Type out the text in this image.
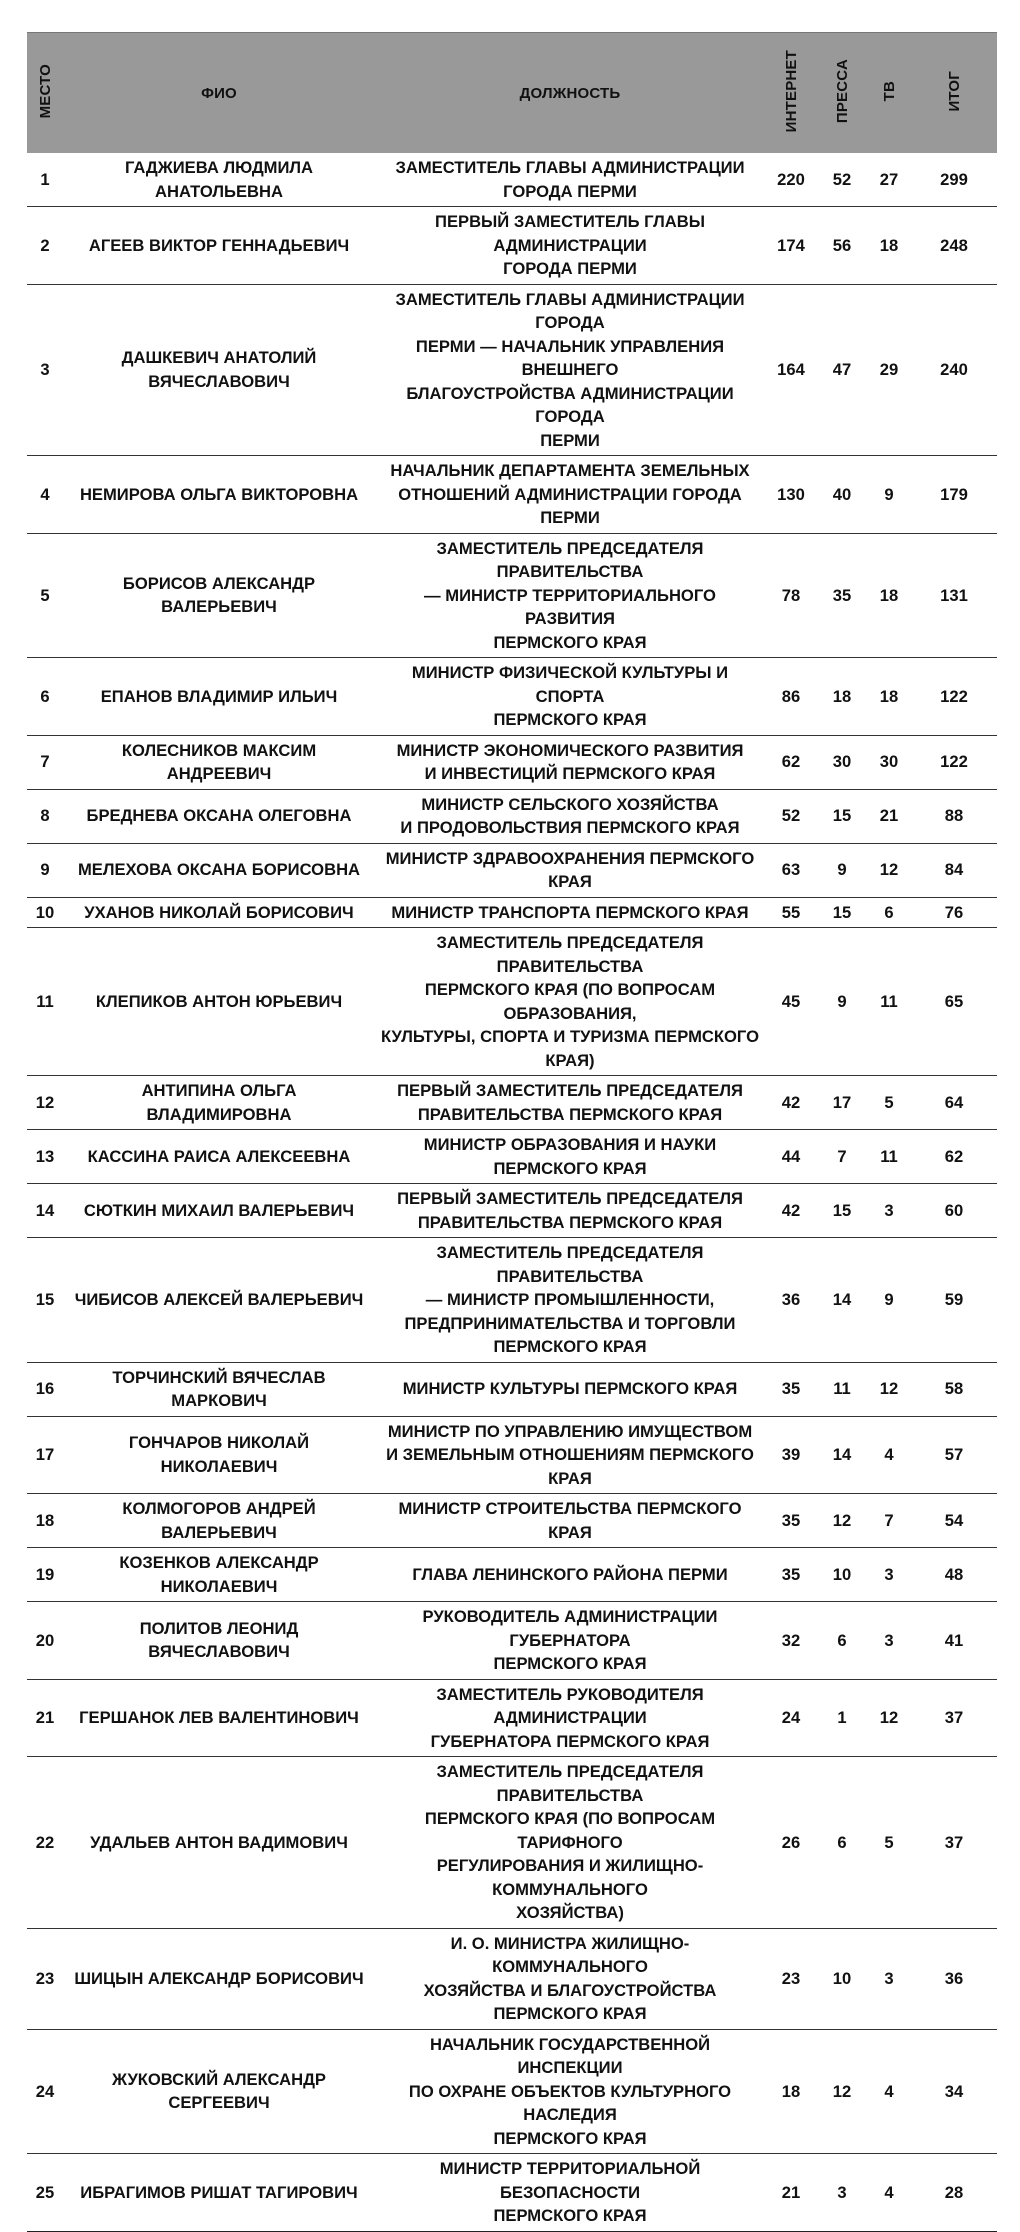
МЕСТО	ФИО	ДОЛЖНОСТЬ	ИНТЕРНЕТ	ПРЕССА	ТВ	ИТОГ
1	ГАДЖИЕВА ЛЮДМИЛА
АНАТОЛЬЕВНА	ЗАМЕСТИТЕЛЬ ГЛАВЫ АДМИНИСТРАЦИИ
ГОРОДА ПЕРМИ	220	52	27	299
2	АГЕЕВ ВИКТОР ГЕННАДЬЕВИЧ	ПЕРВЫЙ ЗАМЕСТИТЕЛЬ ГЛАВЫ АДМИНИСТРАЦИИ
ГОРОДА ПЕРМИ	174	56	18	248
3	ДАШКЕВИЧ АНАТОЛИЙ
ВЯЧЕСЛАВОВИЧ	ЗАМЕСТИТЕЛЬ ГЛАВЫ АДМИНИСТРАЦИИ ГОРОДА
ПЕРМИ — НАЧАЛЬНИК УПРАВЛЕНИЯ ВНЕШНЕГО
БЛАГОУСТРОЙСТВА АДМИНИСТРАЦИИ ГОРОДА
ПЕРМИ	164	47	29	240
4	НЕМИРОВА ОЛЬГА ВИКТОРОВНА	НАЧАЛЬНИК ДЕПАРТАМЕНТА ЗЕМЕЛЬНЫХ
ОТНОШЕНИЙ АДМИНИСТРАЦИИ ГОРОДА ПЕРМИ	130	40	9	179
5	БОРИСОВ АЛЕКСАНДР
ВАЛЕРЬЕВИЧ	ЗАМЕСТИТЕЛЬ ПРЕДСЕДАТЕЛЯ ПРАВИТЕЛЬСТВА
— МИНИСТР ТЕРРИТОРИАЛЬНОГО РАЗВИТИЯ
ПЕРМСКОГО КРАЯ	78	35	18	131
6	ЕПАНОВ ВЛАДИМИР ИЛЬИЧ	МИНИСТР ФИЗИЧЕСКОЙ КУЛЬТУРЫ И СПОРТА
ПЕРМСКОГО КРАЯ	86	18	18	122
7	КОЛЕСНИКОВ МАКСИМ
АНДРЕЕВИЧ	МИНИСТР ЭКОНОМИЧЕСКОГО РАЗВИТИЯ
И ИНВЕСТИЦИЙ ПЕРМСКОГО КРАЯ	62	30	30	122
8	БРЕДНЕВА ОКСАНА ОЛЕГОВНА	МИНИСТР СЕЛЬСКОГО ХОЗЯЙСТВА
И ПРОДОВОЛЬСТВИЯ ПЕРМСКОГО КРАЯ	52	15	21	88
9	МЕЛЕХОВА ОКСАНА БОРИСОВНА	МИНИСТР ЗДРАВООХРАНЕНИЯ ПЕРМСКОГО КРАЯ	63	9	12	84
10	УХАНОВ НИКОЛАЙ БОРИСОВИЧ	МИНИСТР ТРАНСПОРТА ПЕРМСКОГО КРАЯ	55	15	6	76
11	КЛЕПИКОВ АНТОН ЮРЬЕВИЧ	ЗАМЕСТИТЕЛЬ ПРЕДСЕДАТЕЛЯ ПРАВИТЕЛЬСТВА
ПЕРМСКОГО КРАЯ (ПО ВОПРОСАМ ОБРАЗОВАНИЯ,
КУЛЬТУРЫ, СПОРТА И ТУРИЗМА ПЕРМСКОГО КРАЯ)	45	9	11	65
12	АНТИПИНА ОЛЬГА
ВЛАДИМИРОВНА	ПЕРВЫЙ ЗАМЕСТИТЕЛЬ ПРЕДСЕДАТЕЛЯ
ПРАВИТЕЛЬСТВА ПЕРМСКОГО КРАЯ	42	17	5	64
13	КАССИНА РАИСА АЛЕКСЕЕВНА	МИНИСТР ОБРАЗОВАНИЯ И НАУКИ ПЕРМСКОГО КРАЯ	44	7	11	62
14	СЮТКИН МИХАИЛ ВАЛЕРЬЕВИЧ	ПЕРВЫЙ ЗАМЕСТИТЕЛЬ ПРЕДСЕДАТЕЛЯ
ПРАВИТЕЛЬСТВА ПЕРМСКОГО КРАЯ	42	15	3	60
15	ЧИБИСОВ АЛЕКСЕЙ ВАЛЕРЬЕВИЧ	ЗАМЕСТИТЕЛЬ ПРЕДСЕДАТЕЛЯ ПРАВИТЕЛЬСТВА
— МИНИСТР ПРОМЫШЛЕННОСТИ,
ПРЕДПРИНИМАТЕЛЬСТВА И ТОРГОВЛИ
ПЕРМСКОГО КРАЯ	36	14	9	59
16	ТОРЧИНСКИЙ ВЯЧЕСЛАВ
МАРКОВИЧ	МИНИСТР КУЛЬТУРЫ ПЕРМСКОГО КРАЯ	35	11	12	58
17	ГОНЧАРОВ НИКОЛАЙ
НИКОЛАЕВИЧ	МИНИСТР ПО УПРАВЛЕНИЮ ИМУЩЕСТВОМ
И ЗЕМЕЛЬНЫМ ОТНОШЕНИЯМ ПЕРМСКОГО КРАЯ	39	14	4	57
18	КОЛМОГОРОВ АНДРЕЙ
ВАЛЕРЬЕВИЧ	МИНИСТР СТРОИТЕЛЬСТВА ПЕРМСКОГО КРАЯ	35	12	7	54
19	КОЗЕНКОВ АЛЕКСАНДР
НИКОЛАЕВИЧ	ГЛАВА ЛЕНИНСКОГО РАЙОНА ПЕРМИ	35	10	3	48
20	ПОЛИТОВ ЛЕОНИД
ВЯЧЕСЛАВОВИЧ	РУКОВОДИТЕЛЬ АДМИНИСТРАЦИИ ГУБЕРНАТОРА
ПЕРМСКОГО КРАЯ	32	6	3	41
21	ГЕРШАНОК ЛЕВ ВАЛЕНТИНОВИЧ	ЗАМЕСТИТЕЛЬ РУКОВОДИТЕЛЯ АДМИНИСТРАЦИИ
ГУБЕРНАТОРА ПЕРМСКОГО КРАЯ	24	1	12	37
22	УДАЛЬЕВ АНТОН ВАДИМОВИЧ	ЗАМЕСТИТЕЛЬ ПРЕДСЕДАТЕЛЯ ПРАВИТЕЛЬСТВА
ПЕРМСКОГО КРАЯ (ПО ВОПРОСАМ ТАРИФНОГО
РЕГУЛИРОВАНИЯ И ЖИЛИЩНО-КОММУНАЛЬНОГО
ХОЗЯЙСТВА)	26	6	5	37
23	ШИЦЫН АЛЕКСАНДР БОРИСОВИЧ	И. О. МИНИСТРА ЖИЛИЩНО-КОММУНАЛЬНОГО
ХОЗЯЙСТВА И БЛАГОУСТРОЙСТВА ПЕРМСКОГО КРАЯ	23	10	3	36
24	ЖУКОВСКИЙ АЛЕКСАНДР
СЕРГЕЕВИЧ	НАЧАЛЬНИК ГОСУДАРСТВЕННОЙ ИНСПЕКЦИИ
ПО ОХРАНЕ ОБЪЕКТОВ КУЛЬТУРНОГО НАСЛЕДИЯ
ПЕРМСКОГО КРАЯ	18	12	4	34
25	ИБРАГИМОВ РИШАТ ТАГИРОВИЧ	МИНИСТР ТЕРРИТОРИАЛЬНОЙ БЕЗОПАСНОСТИ
ПЕРМСКОГО КРАЯ	21	3	4	28
